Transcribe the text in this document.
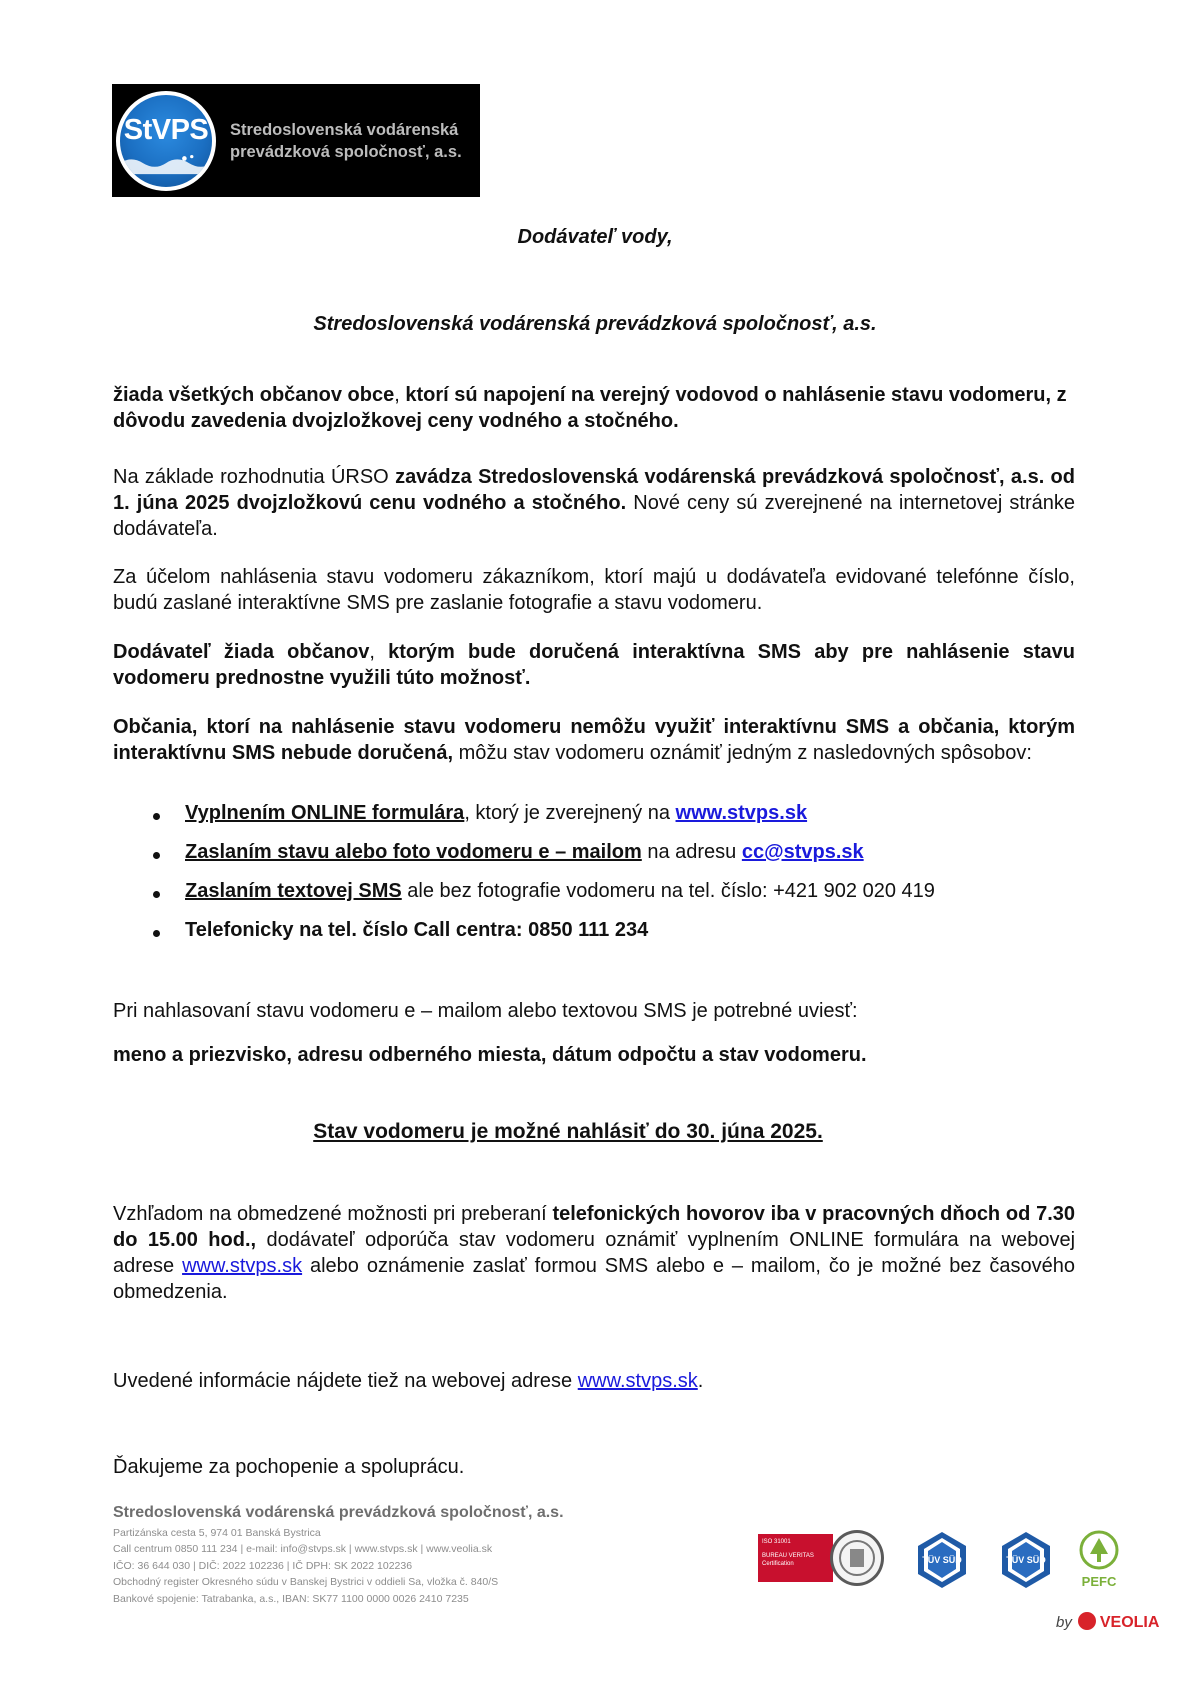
StVPS Stredoslovenská vodárenská
prevádzková spoločnosť, a.s.
Dodávateľ vody,
Stredoslovenská vodárenská prevádzková spoločnosť, a.s.
žiada všetkých občanov obce, ktorí sú napojení na verejný vodovod o nahlásenie stavu vodomeru, z dôvodu zavedenia dvojzložkovej ceny vodného a stočného.
Na základe rozhodnutia ÚRSO zavádza Stredoslovenská vodárenská prevádzková spoločnosť, a.s. od 1. júna 2025 dvojzložkovú cenu vodného a stočného. Nové ceny sú zverejnené na internetovej stránke dodávateľa.
Za účelom nahlásenia stavu vodomeru zákazníkom, ktorí majú u dodávateľa evidované telefónne číslo, budú zaslané interaktívne SMS pre zaslanie fotografie a stavu vodomeru.
Dodávateľ žiada občanov, ktorým bude doručená interaktívna SMS aby pre nahlásenie stavu vodomeru prednostne využili túto možnosť.
Občania, ktorí na nahlásenie stavu vodomeru nemôžu využiť interaktívnu SMS a občania, ktorým interaktívnu SMS nebude doručená, môžu stav vodomeru oznámiť jedným z nasledovných spôsobov:
Vyplnením ONLINE formulára, ktorý je zverejnený na www.stvps.sk
Zaslaním stavu alebo foto vodomeru e – mailom na adresu cc@stvps.sk
Zaslaním textovej SMS ale bez fotografie vodomeru na tel. číslo: +421 902 020 419
Telefonicky na tel. číslo Call centra: 0850 111 234
Pri nahlasovaní stavu vodomeru e – mailom alebo textovou SMS je potrebné uviesť:
meno a priezvisko, adresu odberného miesta, dátum odpočtu a stav vodomeru.
Stav vodomeru je možné nahlásiť do 30. júna 2025.
Vzhľadom na obmedzené možnosti pri preberaní telefonických hovorov iba v pracovných dňoch od 7.30 do 15.00 hod., dodávateľ odporúča stav vodomeru oznámiť vyplnením ONLINE formulára na webovej adrese www.stvps.sk alebo oznámenie zaslať formou SMS alebo e – mailom, čo je možné bez časového obmedzenia.
Uvedené informácie nájdete tiež na webovej adrese www.stvps.sk.
Ďakujeme za pochopenie a spoluprácu.
Stredoslovenská vodárenská prevádzková spoločnosť, a.s.
Partizánska cesta 5, 974 01 Banská Bystrica
Call centrum 0850 111 234 | e-mail: info@stvps.sk | www.stvps.sk | www.veolia.sk
IČO: 36 644 030 | DIČ: 2022 102236 | IČ DPH: SK 2022 102236
Obchodný register Okresného súdu v Banskej Bystrici v oddieli Sa, vložka č. 840/S
Bankové spojenie: Tatrabanka, a.s., IBAN: SK77 1100 0000 0026 2410 7235
ISO 31001
BUREAU VERITAS
Certification	TÜV SÜD	TÜV SÜD
PEFC
by VEOLIA
